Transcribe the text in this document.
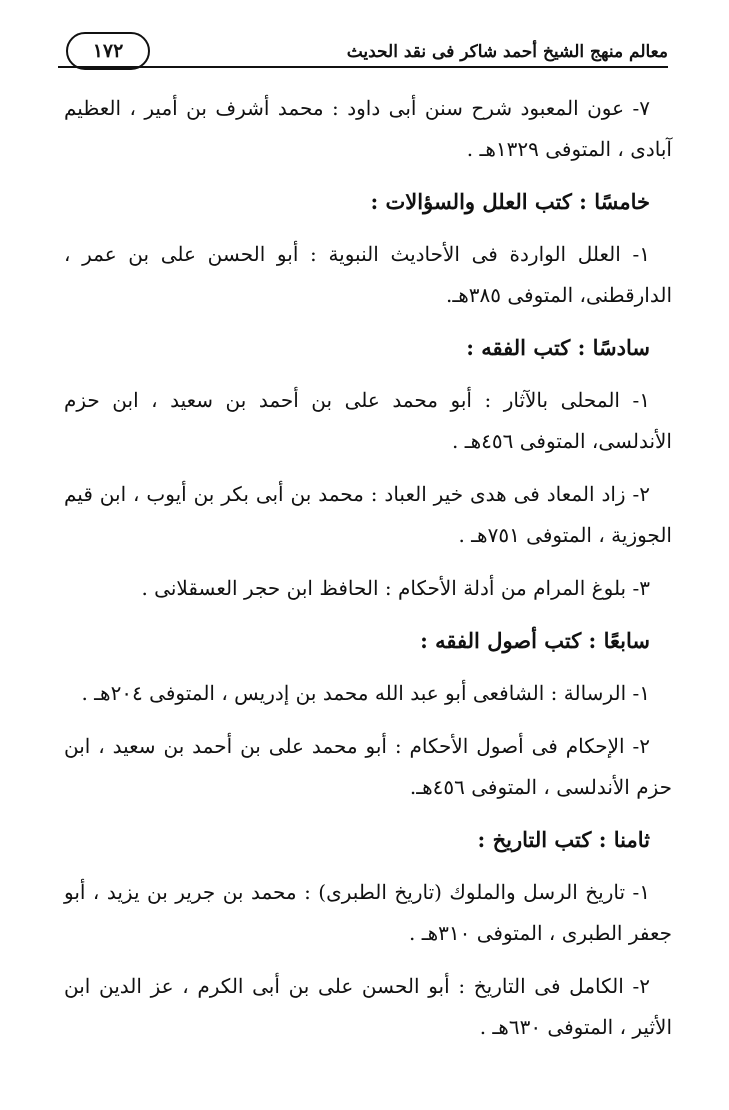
معالم منهج الشيخ أحمد شاكر فى نقد الحديث
١٧٢

٧- عون المعبود شرح سنن أبى داود : محمد أشرف بن أمير ، العظيم آبادى ، المتوفى ١٣٢٩هـ .

خامسًا : كتب العلل والسؤالات :

١- العلل الواردة فى الأحاديث النبوية : أبو الحسن على بن عمر ، الدارقطنى، المتوفى ٣٨٥هـ.

سادسًا : كتب الفقه :

١- المحلى بالآثار : أبو محمد على بن أحمد بن سعيد ، ابن حزم الأندلسى، المتوفى ٤٥٦هـ .

٢- زاد المعاد فى هدى خير العباد : محمد بن أبى بكر بن أيوب ، ابن قيم الجوزية ، المتوفى ٧٥١هـ .

٣- بلوغ المرام من أدلة الأحكام : الحافظ ابن حجر العسقلانى .

سابعًا : كتب أصول الفقه :

١- الرسالة : الشافعى أبو عبد الله محمد بن إدريس ، المتوفى ٢٠٤هـ .

٢- الإحكام فى أصول الأحكام : أبو محمد على بن أحمد بن سعيد ، ابن حزم الأندلسى ، المتوفى ٤٥٦هـ.

ثامنا : كتب التاريخ :

١- تاريخ الرسل والملوك (تاريخ الطبرى) : محمد بن جرير بن يزيد ، أبو جعفر الطبرى ، المتوفى ٣١٠هـ .

٢- الكامل فى التاريخ : أبو الحسن على بن أبى الكرم ، عز الدين ابن الأثير ، المتوفى ٦٣٠هـ .
